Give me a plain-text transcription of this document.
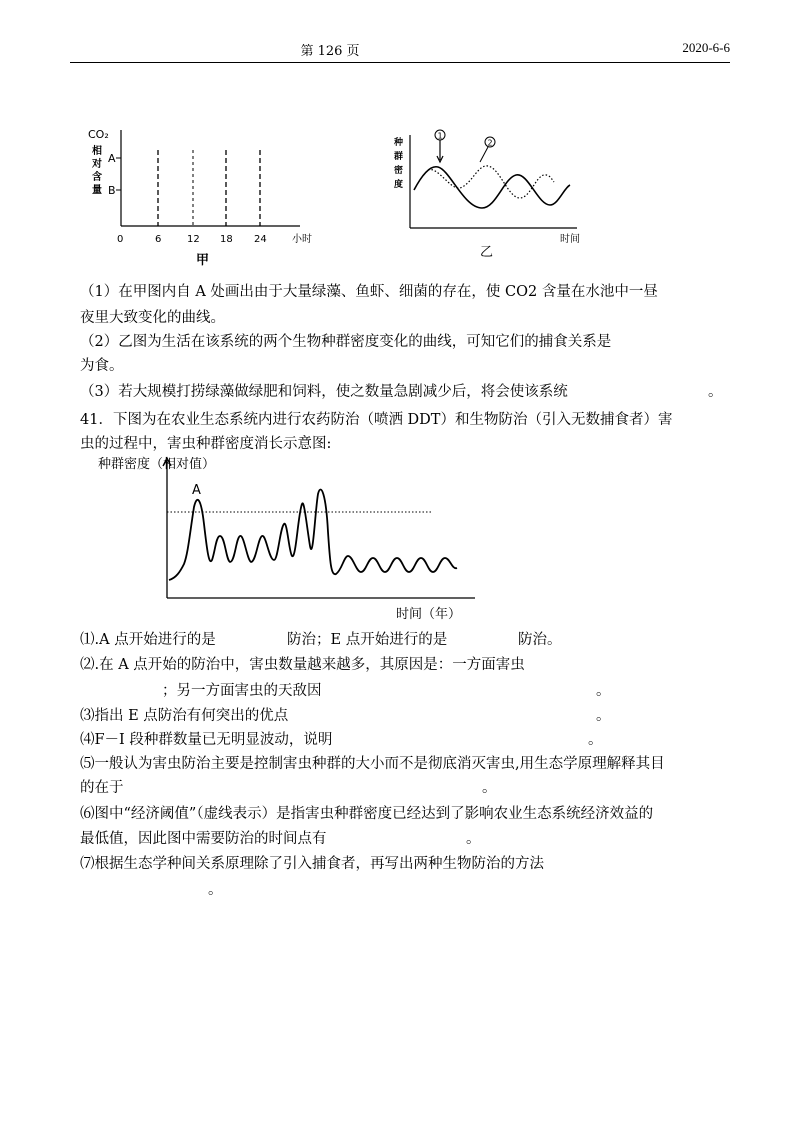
2020-6-6
第 126 页
CO₂
相
对
含
量
A
B
0	6	12 18 24	小时
甲
种
群
密
度
1
2
时间
乙
（1）在甲图内自 A 处画出由于大量绿藻、鱼虾、细菌的存在，使 CO2 含量在水池中一昼
夜里大致变化的曲线。
（2）乙图为生活在该系统的两个生物种群密度变化的曲线，可知它们的捕食关系是
为食。
（3）若大规模打捞绿藻做绿肥和饲料，使之数量急剧减少后，将会使该系统	。
41．下图为在农业生态系统内进行农药防治（喷洒 DDT）和生物防治（引入无数捕食者）害
虫的过程中，害虫种群密度消长示意图:
种群密度（相对值）
A
时间（年）
⑴.A 点开始进行的是	防治；E 点开始进行的是	防治。
⑵.在 A 点开始的防治中，害虫数量越来越多，其原因是：一方面害虫
；另一方面害虫的天敌因	。
⑶指出 E 点防治有何突出的优点	。
⑷F－I 段种群数量已无明显波动，说明	。
⑸一般认为害虫防治主要是控制害虫种群的大小而不是彻底消灭害虫,用生态学原理解释其目
的在于	。
⑹图中“经济阈值”（虚线表示）是指害虫种群密度已经达到了影响农业生态系统经济效益的
最低值，因此图中需要防治的时间点有	。
⑺根据生态学种间关系原理除了引入捕食者，再写出两种生物防治的方法
。
